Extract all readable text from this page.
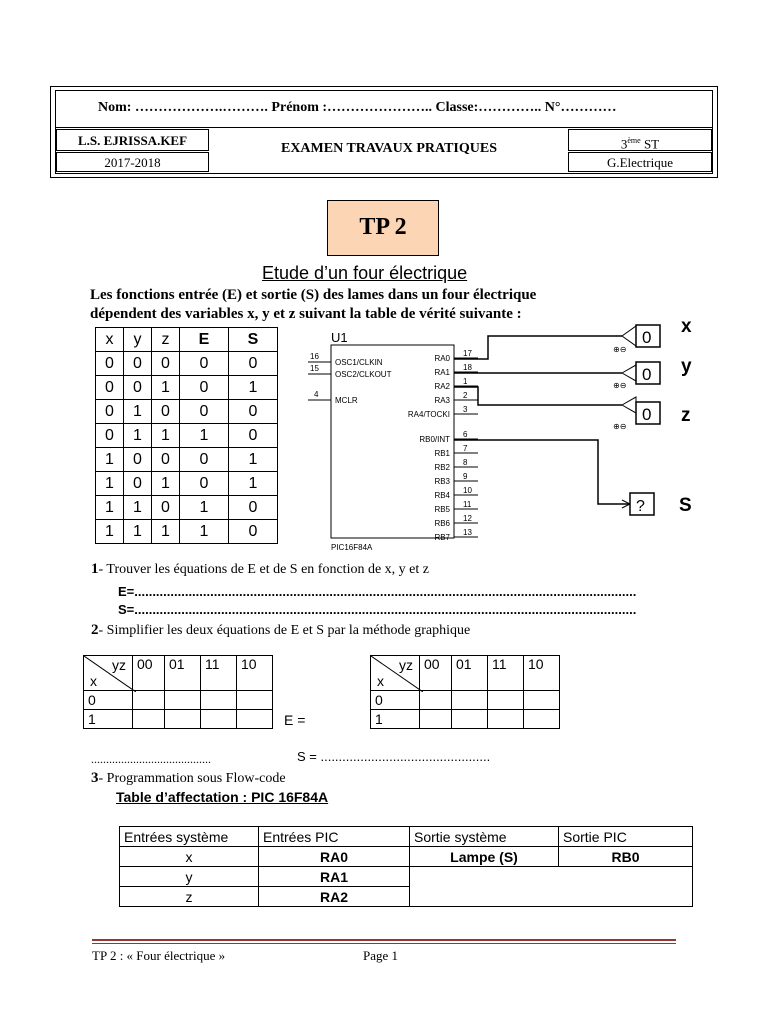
Nom: ……………….………. Prénom :………………….. Classe:………….. N°…………
L.S. EJRISSA.KEF
2017-2018
EXAMEN TRAVAUX PRATIQUES	3ème ST
G.Electrique
TP 2
Etude d’un four électrique
Les fonctions entrée (E) et sortie (S) des lames dans un four électrique
dépendent des variables x, y et z suivant la table de vérité suivante :
x	y	z	E	S
0	0	0	0	0
0	0	1	0	1
0	1	0	0	0
0	1	1	1	0
1	0	0	0	1
1	0	1	0	1
1	1	0	1	0
1	1	1	1	0
U1
PIC16F84A
16
OSC1/CLKIN
15
OSC2/CLKOUT
4
MCLR
17
RA0
18
RA1
1
RA2
2
RA3
3
RA4/TOCKI
6
RB0/INT
7
RB1
8
RB2
9
RB3
10
RB4
11
RB5
12
RB6
13
RB7
0
⊕⊖
x
0
⊕⊖
y
0
⊕⊖
z
? S
1- Trouver les équations de E et de S en fonction de x, y et z
E=...........................................................................................................................................
S=...........................................................................................................................................
2- Simplifier les deux équations de E et S par la méthode graphique
yz
x	00	01	11	10
0				
1					E =
yz
x	00	01	11	10
0				
1				
........................................	S = ...............................................
3- Programmation sous Flow-code
Table d’affectation : PIC 16F84A
Entrées système	Entrées PIC	Sortie système	Sortie PIC
x	RA0	Lampe (S)	RB0
y	RA1		
z	RA2		
TP 2 : « Four électrique »	Page 1
